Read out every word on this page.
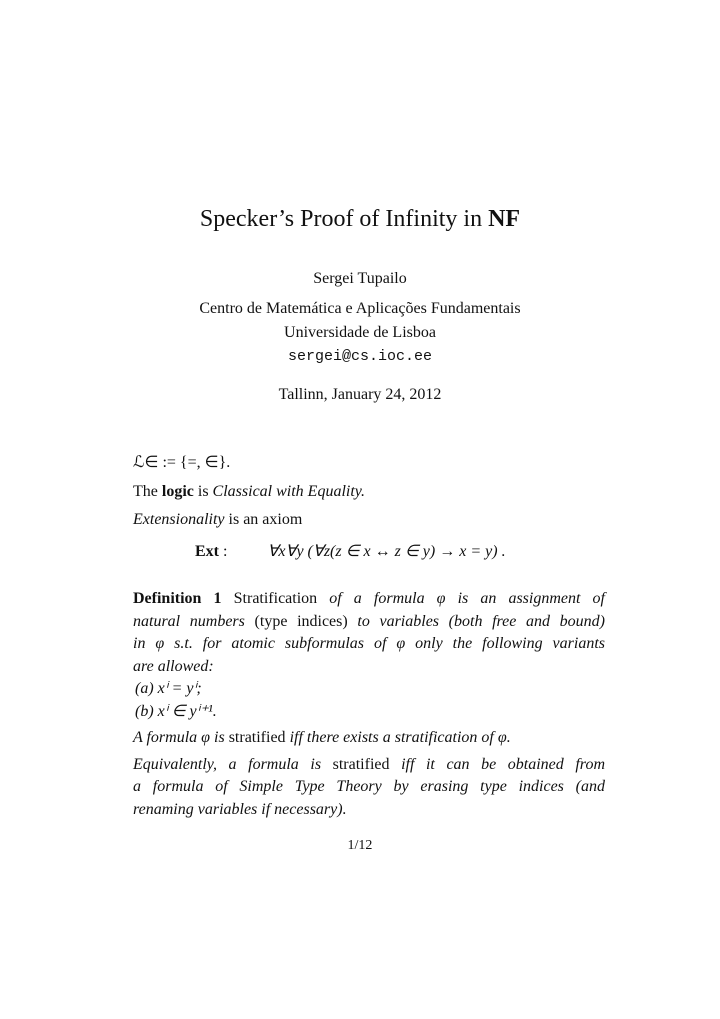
Specker’s Proof of Infinity in NF
Sergei Tupailo
Centro de Matemática e Aplicações Fundamentais
Universidade de Lisboa
sergei@cs.ioc.ee
Tallinn, January 24, 2012
ℒ∈ := {=, ∈}.
The logic is Classical with Equality.
Extensionality is an axiom
Ext :	∀x∀y (∀z(z ∈ x ↔ z ∈ y) → x = y) .
Definition 1 Stratification of a formula φ is an assignment of
natural numbers (type indices) to variables (both free and bound)
in φ s.t. for atomic subformulas of φ only the following variants
are allowed:
(a) xⁱ = yⁱ;
(b) xⁱ ∈ yⁱ⁺¹.
A formula φ is stratified iff there exists a stratification of φ.
Equivalently, a formula is stratified iff it can be obtained from
a formula of Simple Type Theory by erasing type indices (and
renaming variables if necessary).
1/12
